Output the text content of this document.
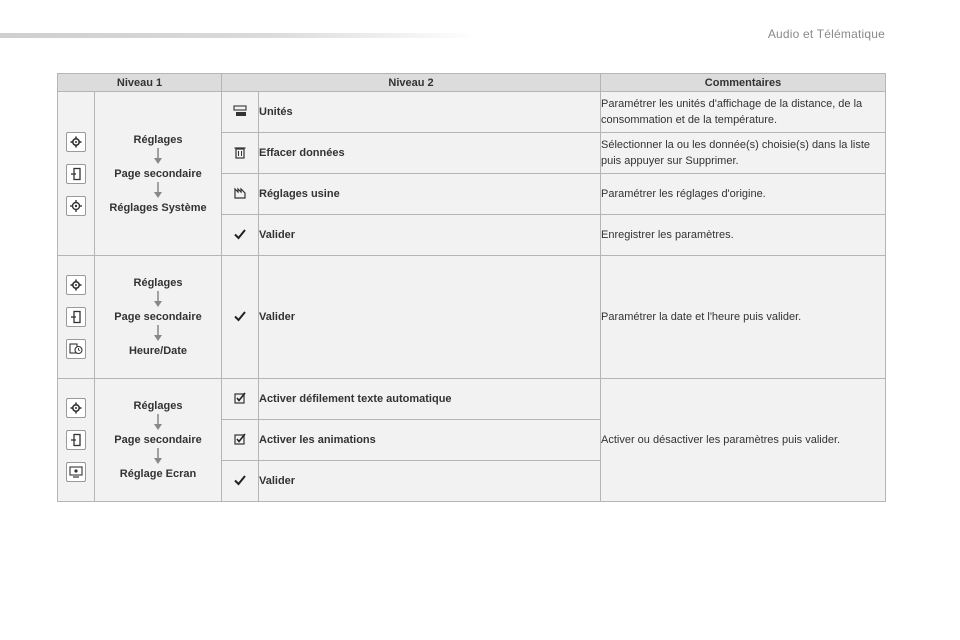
Audio et Télématique
Niveau 1		Niveau 2		Commentaires

Réglages
Page secondaire
Réglages Système		Unités	Paramétrer les unités d'affichage de la distance, de la consommation et de la température.
	Effacer données	Sélectionner la ou les donnée(s) choisie(s) dans la liste puis appuyer sur Supprimer.
	Réglages usine	Paramétrer les réglages d'origine.
	Valider	Enregistrer les paramètres.

Réglages
Page secondaire
Heure/Date		Valider	Paramétrer la date et l'heure puis valider.

Réglages
Page secondaire
Réglage Ecran		Activer défilement texte automatique	Activer ou désactiver les paramètres puis valider.
	Activer les animations	
	Valider	
